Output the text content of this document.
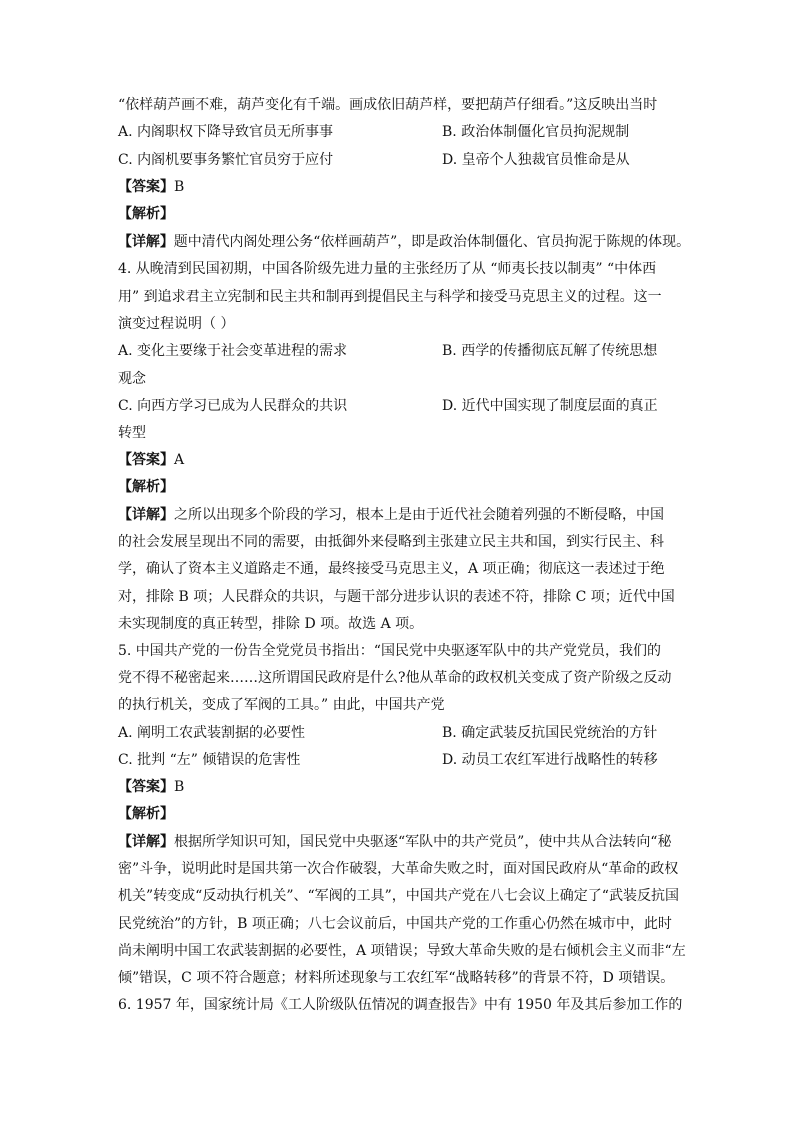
“依样葫芦画不难，葫芦变化有千端。画成依旧葫芦样，要把葫芦仔细看。”这反映出当时
A. 内阁职权下降导致官员无所事事	B. 政治体制僵化官员拘泥规制
C. 内阁机要事务繁忙官员穷于应付	D. 皇帝个人独裁官员惟命是从
【答案】B
【解析】
【详解】题中清代内阁处理公务“依样画葫芦”，即是政治体制僵化、官员拘泥于陈规的体现。
4. 从晚清到民国初期，中国各阶级先进力量的主张经历了从 “师夷长技以制夷” “中体西
用” 到追求君主立宪制和民主共和制再到提倡民主与科学和接受马克思主义的过程。这一
演变过程说明（ ）
A. 变化主要缘于社会变革进程的需求	B. 西学的传播彻底瓦解了传统思想
观念
C. 向西方学习已成为人民群众的共识	D. 近代中国实现了制度层面的真正
转型
【答案】A
【解析】
【详解】之所以出现多个阶段的学习，根本上是由于近代社会随着列强的不断侵略，中国
的社会发展呈现出不同的需要，由抵御外来侵略到主张建立民主共和国，到实行民主、科
学，确认了资本主义道路走不通，最终接受马克思主义，A 项正确；彻底这一表述过于绝
对，排除 B 项；人民群众的共识，与题干部分进步认识的表述不符，排除 C 项；近代中国
未实现制度的真正转型，排除 D 项。故选 A 项。
5. 中国共产党的一份告全党党员书指出：“国民党中央驱逐军队中的共产党党员，我们的
党不得不秘密起来……这所谓国民政府是什么?他从革命的政权机关变成了资产阶级之反动
的执行机关，变成了军阀的工具。” 由此，中国共产党
A. 阐明工农武装割据的必要性	B. 确定武装反抗国民党统治的方针
C. 批判 “左” 倾错误的危害性	D. 动员工农红军进行战略性的转移
【答案】B
【解析】
【详解】根据所学知识可知，国民党中央驱逐“军队中的共产党员”，使中共从合法转向“秘
密”斗争，说明此时是国共第一次合作破裂，大革命失败之时，面对国民政府从“革命的政权
机关”转变成“反动执行机关”、“军阀的工具”，中国共产党在八七会议上确定了“武装反抗国
民党统治”的方针，B 项正确；八七会议前后，中国共产党的工作重心仍然在城市中，此时
尚未阐明中国工农武装割据的必要性，A 项错误；导致大革命失败的是右倾机会主义而非“左
倾”错误，C 项不符合题意；材料所述现象与工农红军“战略转移”的背景不符，D 项错误。
6. 1957 年，国家统计局《工人阶级队伍情况的调查报告》中有 1950 年及其后参加工作的
